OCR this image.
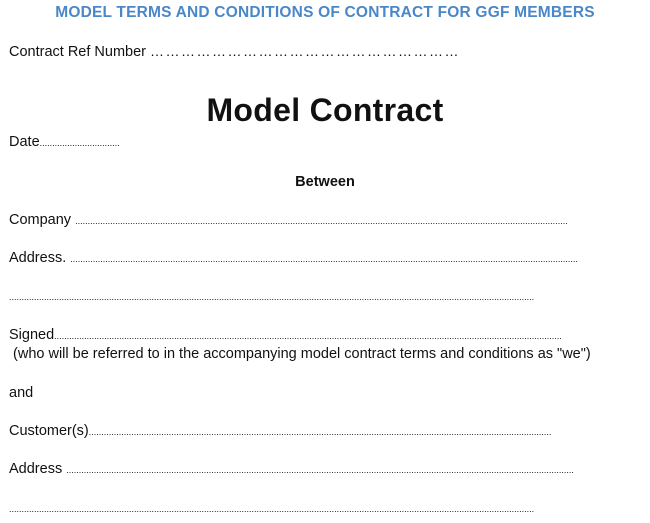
MODEL TERMS AND CONDITIONS OF CONTRACT FOR GGF MEMBERS
Contract Ref Number ……………………………………………………
Model Contract
Date................................
Between
Company .....................................................................................................................................................................................................
Address. ...........................................................................................................................................................................................................
..................................................................................................................................................................................................................
Signed...........................................................................................................................................................................................................
(who will be referred to in the accompanying model contract terms and conditions as "we")
and
Customer(s).........................................................................................................................................................................................
Address ...........................................................................................................................................................................................................
..................................................................................................................................................................................................................
